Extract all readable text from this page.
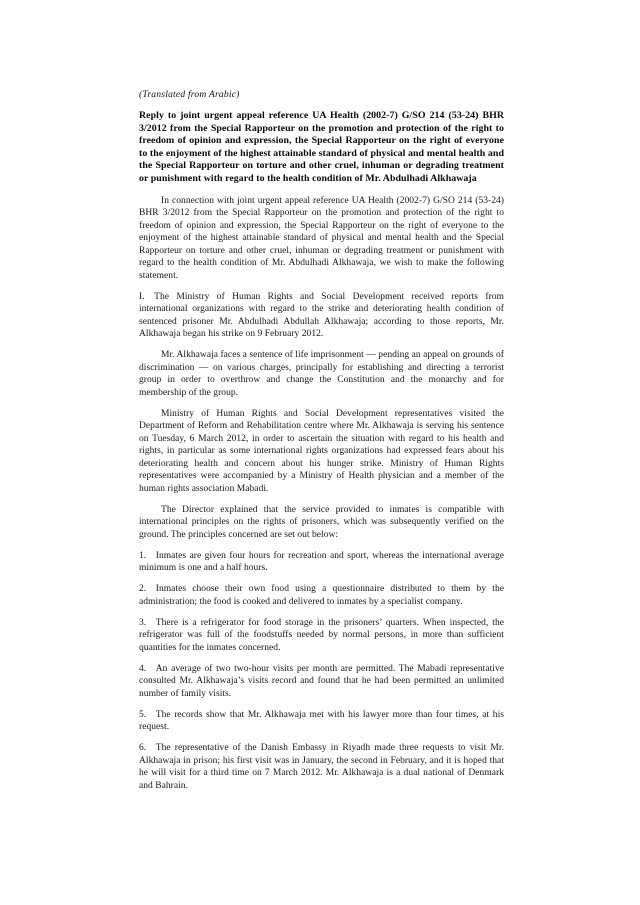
(Translated from Arabic)

Reply to joint urgent appeal reference UA Health (2002-7) G/SO 214 (53-24) BHR 3/2012 from the Special Rapporteur on the promotion and protection of the right to freedom of opinion and expression, the Special Rapporteur on the right of everyone to the enjoyment of the highest attainable standard of physical and mental health and the Special Rapporteur on torture and other cruel, inhuman or degrading treatment or punishment with regard to the health condition of Mr. Abdulhadi Alkhawaja

In connection with joint urgent appeal reference UA Health (2002-7) G/SO 214 (53-24) BHR 3/2012 from the Special Rapporteur on the promotion and protection of the right to freedom of opinion and expression, the Special Rapporteur on the right of everyone to the enjoyment of the highest attainable standard of physical and mental health and the Special Rapporteur on torture and other cruel, inhuman or degrading treatment or punishment with regard to the health condition of Mr. Abdulhadi Alkhawaja, we wish to make the following statement.

I. The Ministry of Human Rights and Social Development received reports from international organizations with regard to the strike and deteriorating health condition of sentenced prisoner Mr. Abdulhadi Abdullah Alkhawaja; according to those reports, Mr. Alkhawaja began his strike on 9 February 2012.

Mr. Alkhawaja faces a sentence of life imprisonment — pending an appeal on grounds of discrimination — on various charges, principally for establishing and directing a terrorist group in order to overthrow and change the Constitution and the monarchy and for membership of the group.

Ministry of Human Rights and Social Development representatives visited the Department of Reform and Rehabilitation centre where Mr. Alkhawaja is serving his sentence on Tuesday, 6 March 2012, in order to ascertain the situation with regard to his health and rights, in particular as some international rights organizations had expressed fears about his deteriorating health and concern about his hunger strike. Ministry of Human Rights representatives were accompanied by a Ministry of Health physician and a member of the human rights association Mabadi.

The Director explained that the service provided to inmates is compatible with international principles on the rights of prisoners, which was subsequently verified on the ground. The principles concerned are set out below:

1. Inmates are given four hours for recreation and sport, whereas the international average minimum is one and a half hours.

2. Inmates choose their own food using a questionnaire distributed to them by the administration; the food is cooked and delivered to inmates by a specialist company.

3. There is a refrigerator for food storage in the prisoners’ quarters. When inspected, the refrigerator was full of the foodstuffs needed by normal persons, in more than sufficient quantities for the inmates concerned.

4. An average of two two-hour visits per month are permitted. The Mabadi representative consulted Mr. Alkhawaja’s visits record and found that he had been permitted an unlimited number of family visits.

5. The records show that Mr. Alkhawaja met with his lawyer more than four times, at his request.

6. The representative of the Danish Embassy in Riyadh made three requests to visit Mr. Alkhawaja in prison; his first visit was in January, the second in February, and it is hoped that he will visit for a third time on 7 March 2012. Mr. Alkhawaja is a dual national of Denmark and Bahrain.
